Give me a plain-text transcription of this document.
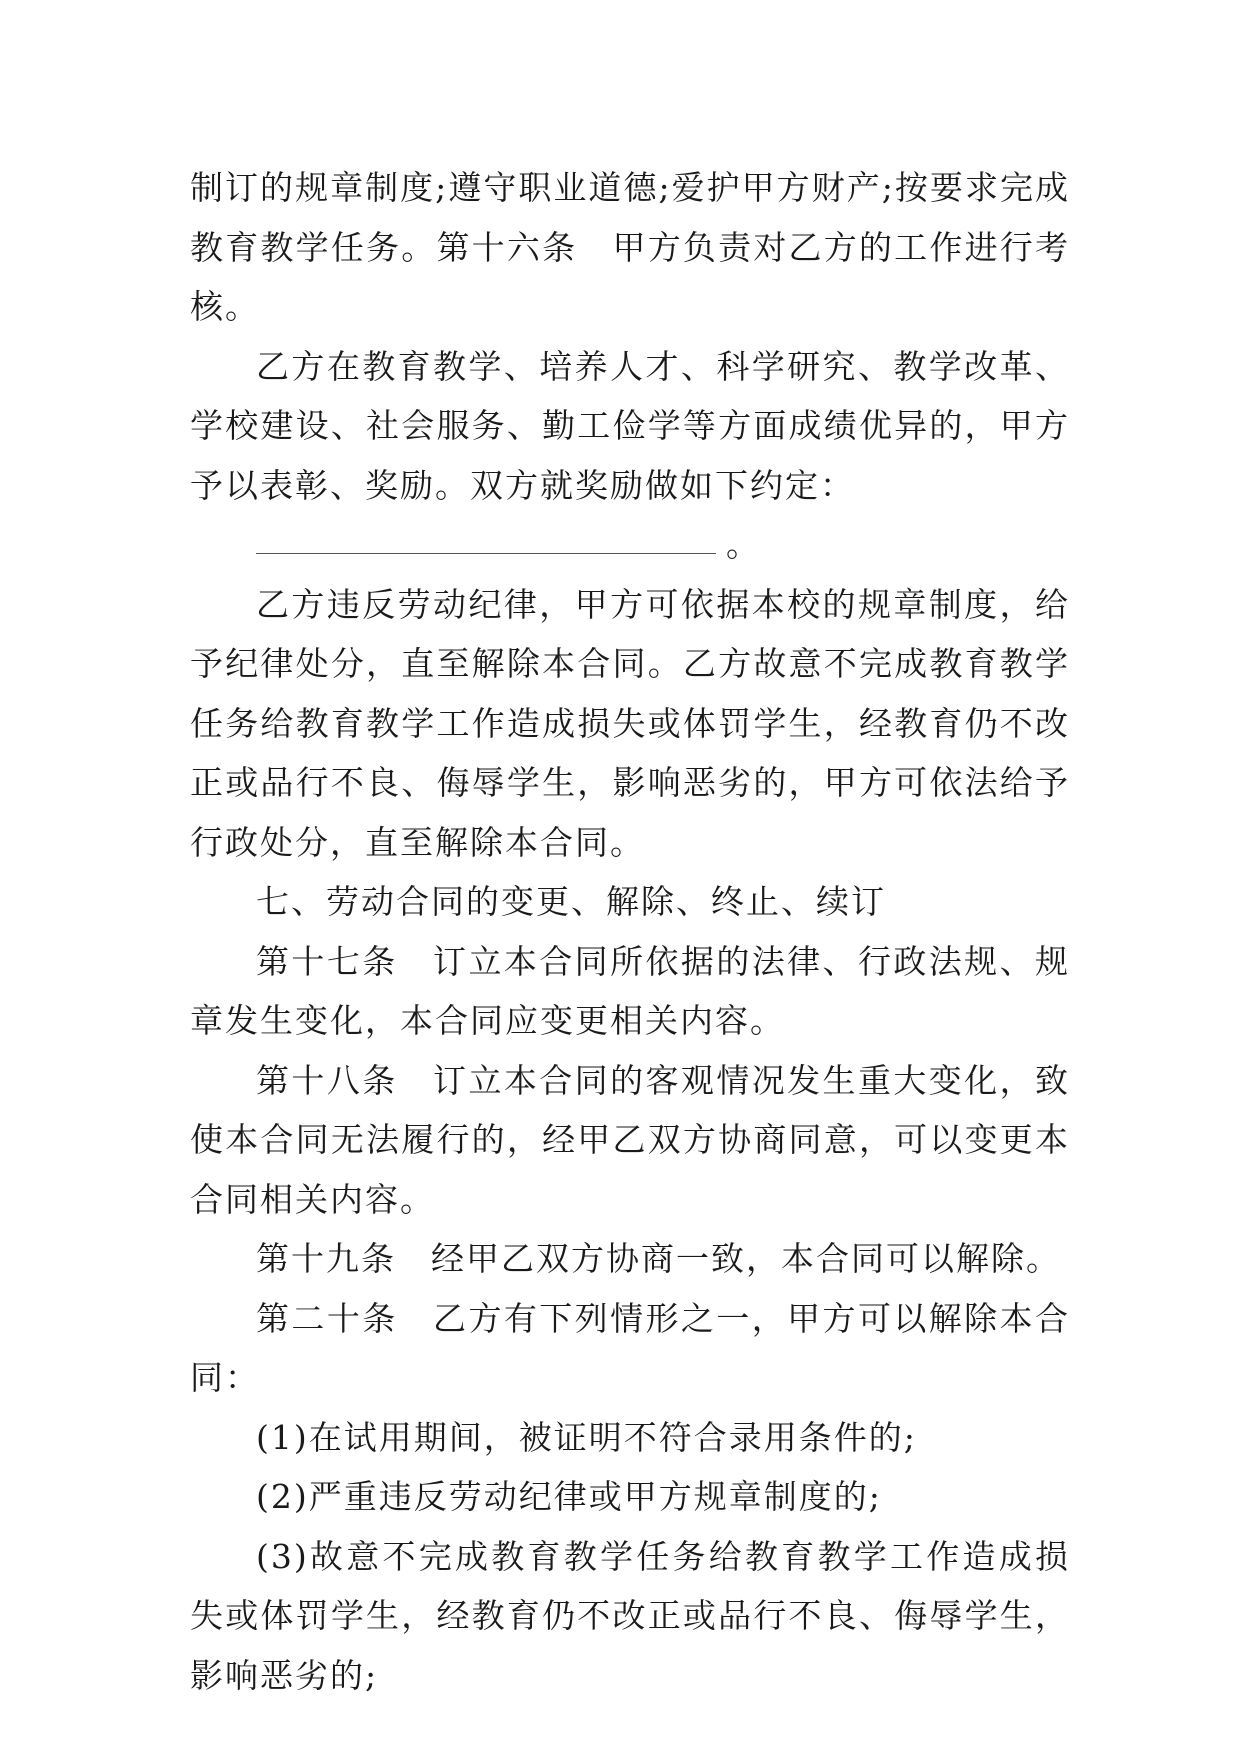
制订的规章制度;遵守职业道德;爱护甲方财产;按要求完成教育教学任务。第十六条　甲方负责对乙方的工作进行考核。

乙方在教育教学、培养人才、科学研究、教学改革、学校建设、社会服务、勤工俭学等方面成绩优异的，甲方予以表彰、奖励。双方就奖励做如下约定：

。

乙方违反劳动纪律，甲方可依据本校的规章制度，给予纪律处分，直至解除本合同。乙方故意不完成教育教学任务给教育教学工作造成损失或体罚学生，经教育仍不改正或品行不良、侮辱学生，影响恶劣的，甲方可依法给予行政处分，直至解除本合同。

七、劳动合同的变更、解除、终止、续订

第十七条　订立本合同所依据的法律、行政法规、规章发生变化，本合同应变更相关内容。

第十八条　订立本合同的客观情况发生重大变化，致使本合同无法履行的，经甲乙双方协商同意，可以变更本合同相关内容。

第十九条　经甲乙双方协商一致，本合同可以解除。

第二十条　乙方有下列情形之一，甲方可以解除本合同：

(1)在试用期间，被证明不符合录用条件的;

(2)严重违反劳动纪律或甲方规章制度的;

(3)故意不完成教育教学任务给教育教学工作造成损失或体罚学生，经教育仍不改正或品行不良、侮辱学生，影响恶劣的;
